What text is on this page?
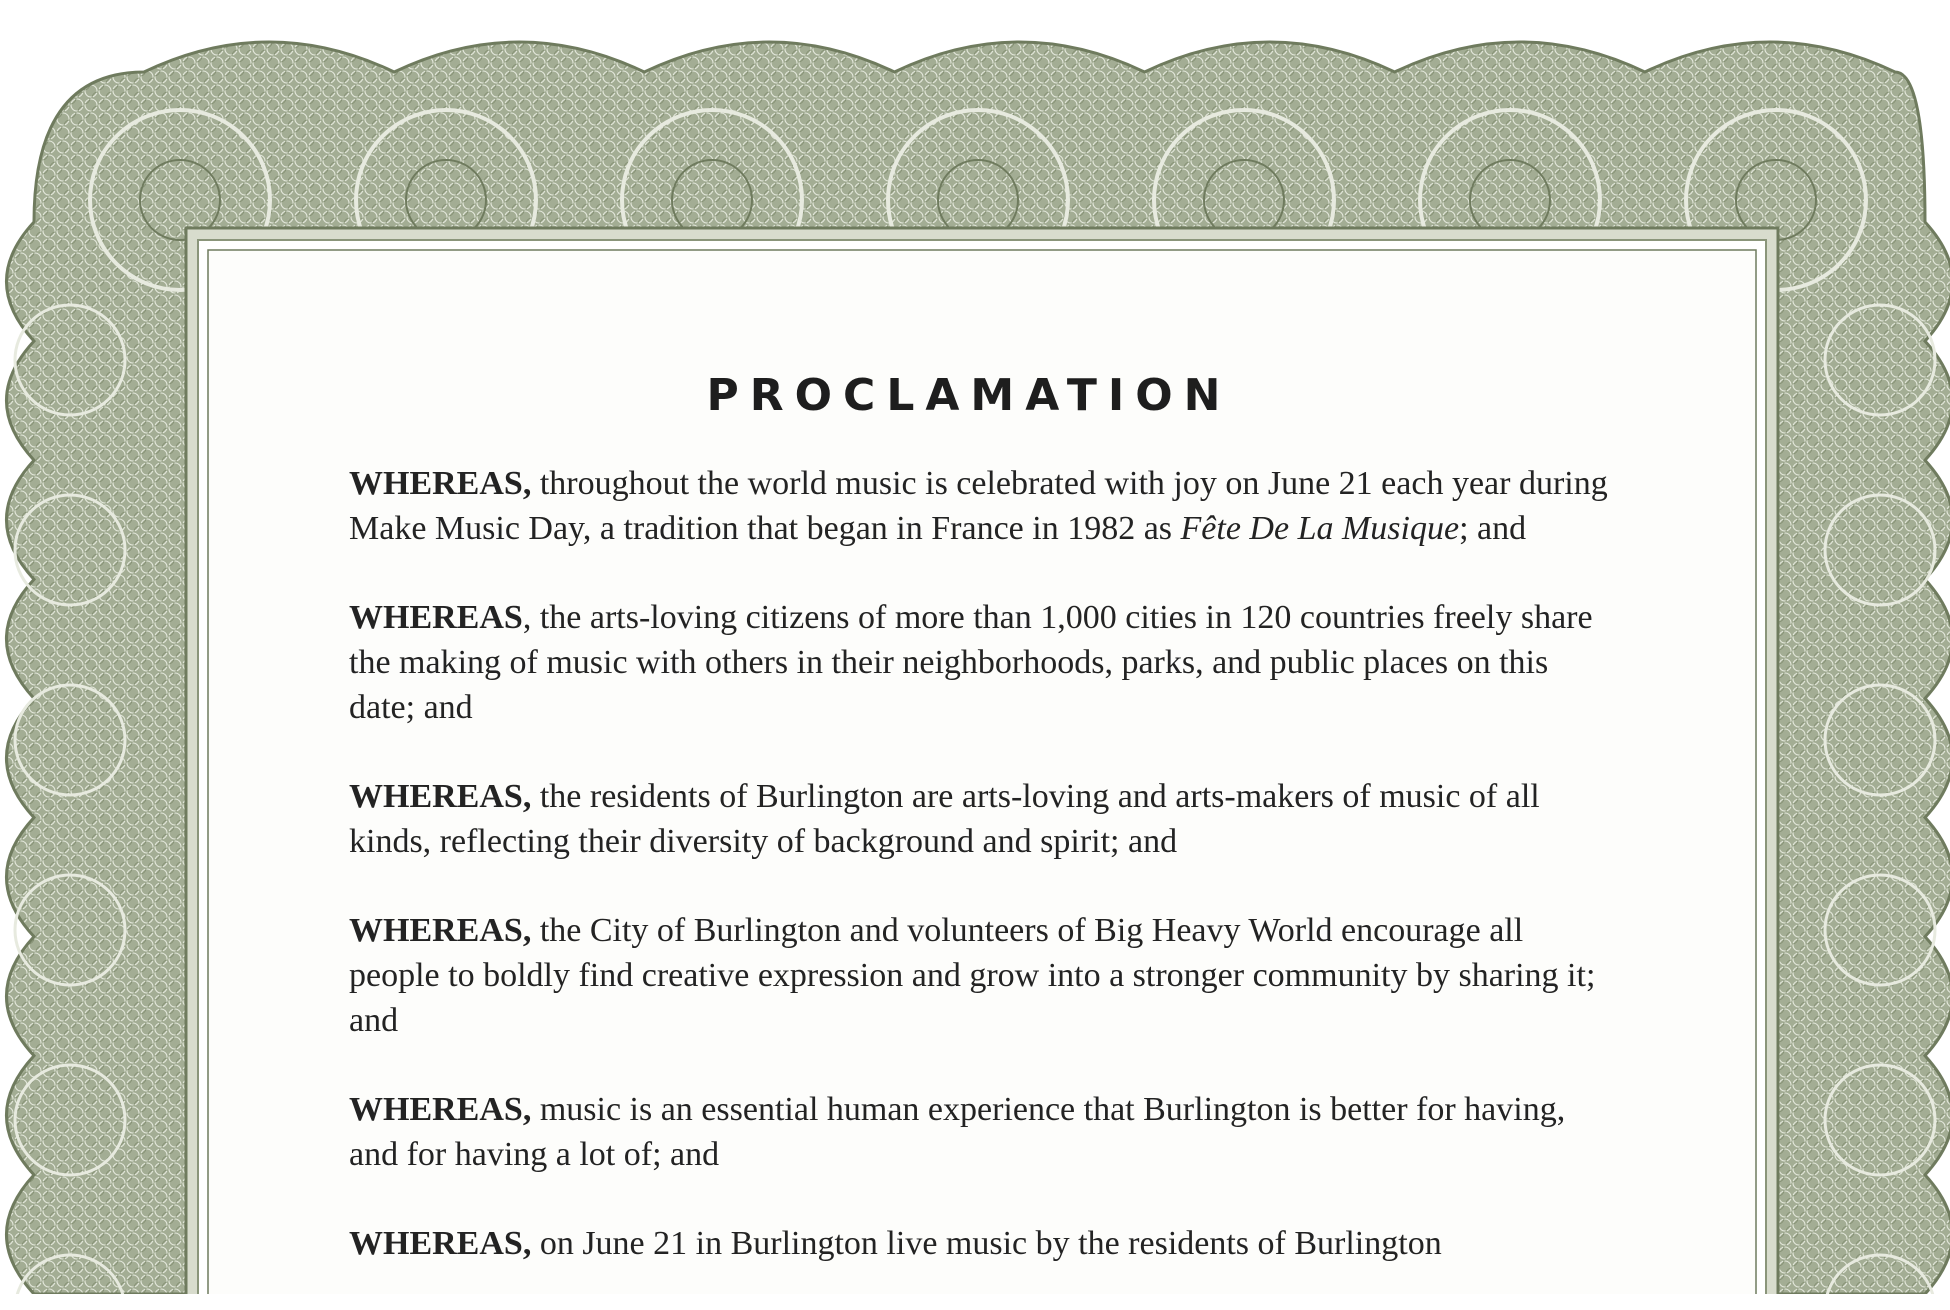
PROCLAMATION

WHEREAS, throughout the world music is celebrated with joy on June 21 each year during Make Music Day, a tradition that began in France in 1982 as Fête De La Musique; and

WHEREAS, the arts-loving citizens of more than 1,000 cities in 120 countries freely share the making of music with others in their neighborhoods, parks, and public places on this date; and

WHEREAS, the residents of Burlington are arts-loving and arts-makers of music of all kinds, reflecting their diversity of background and spirit; and

WHEREAS, the City of Burlington and volunteers of Big Heavy World encourage all people to boldly find creative expression and grow into a stronger community by sharing it; and

WHEREAS, music is an essential human experience that Burlington is better for having, and for having a lot of; and

WHEREAS, on June 21 in Burlington live music by the residents of Burlington
